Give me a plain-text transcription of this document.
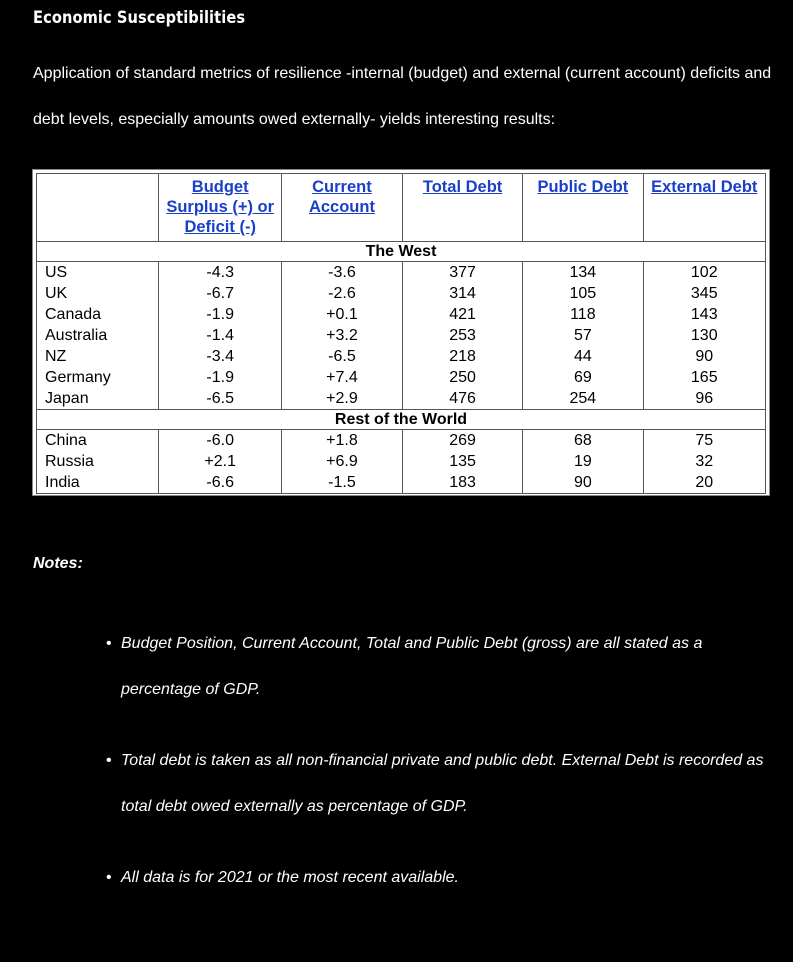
Economic Susceptibilities

Application of standard metrics of resilience -internal (budget) and external (current account) deficits and debt levels, especially amounts owed externally- yields interesting results:

	Budget Surplus (+) or Deficit (-)	Current Account	Total Debt	Public Debt	External Debt
The West					
US	-4.3	-3.6	377	134	102
UK	-6.7	-2.6	314	105	345
Canada	-1.9	+0.1	421	118	143
Australia	-1.4	+3.2	253	57	130
NZ	-3.4	-6.5	218	44	90
Germany	-1.9	+7.4	250	69	165
Japan	-6.5	+2.9	476	254	96
Rest of the World					
China	-6.0	+1.8	269	68	75
Russia	+2.1	+6.9	135	19	32
India	-6.6	-1.5	183	90	20

Notes:

• Budget Position, Current Account, Total and Public Debt (gross) are all stated as a percentage of GDP.
• Total debt is taken as all non-financial private and public debt. External Debt is recorded as total debt owed externally as percentage of GDP.
• All data is for 2021 or the most recent available.
